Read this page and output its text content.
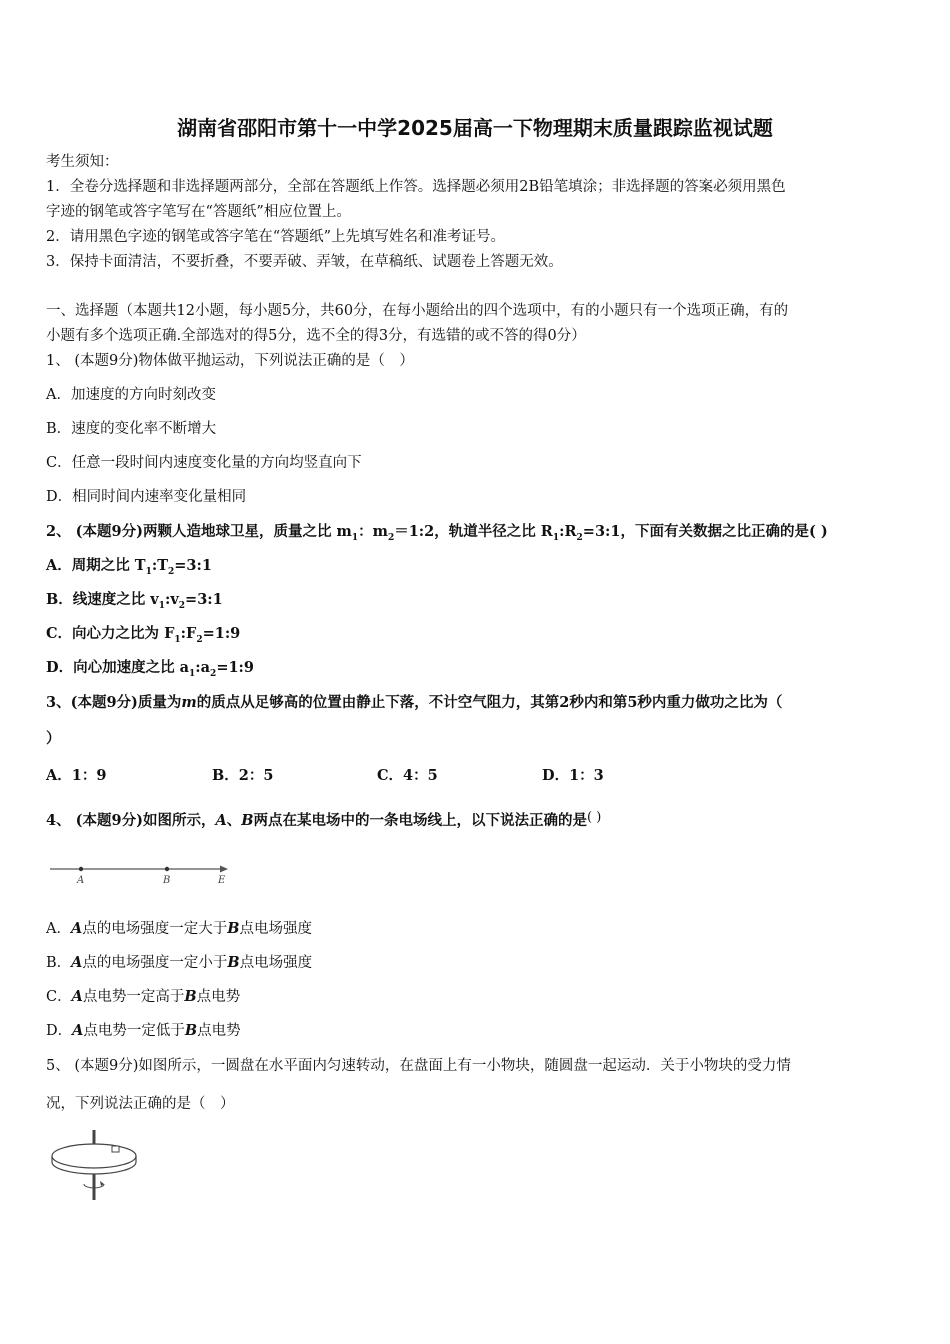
湖南省邵阳市第十一中学2025届高一下物理期末质量跟踪监视试题
考生须知：
1．全卷分选择题和非选择题两部分，全部在答题纸上作答。选择题必须用2B铅笔填涂；非选择题的答案必须用黑色
字迹的钢笔或答字笔写在“答题纸”相应位置上。
2．请用黑色字迹的钢笔或答字笔在“答题纸”上先填写姓名和准考证号。
3．保持卡面清洁，不要折叠，不要弄破、弄皱，在草稿纸、试题卷上答题无效。
一、选择题（本题共12小题，每小题5分，共60分，在每小题给出的四个选项中，有的小题只有一个选项正确，有的
小题有多个选项正确.全部选对的得5分，选不全的得3分，有选错的或不答的得0分）
1、 (本题9分)物体做平抛运动，下列说法正确的是（　）
A．加速度的方向时刻改变
B．速度的变化率不断增大
C．任意一段时间内速度变化量的方向均竖直向下
D．相同时间内速率变化量相同
2、 (本题9分)两颗人造地球卫星，质量之比 $m_1$：$m_2=1:2$，轨道半径之比 $R_1:R_2=3:1$，下面有关数据之比正确的是( )
A．周期之比 $T_1:T_2=3:1$
B．线速度之比 $v_1:v_2=3:1$
C．向心力之比为 $F_1:F_2=1:9$
D．向心加速度之比 $a_1:a_2=1:9$
3、(本题9分)质量为m的质点从足够高的位置由静止下落，不计空气阻力，其第2秒内和第5秒内重力做功之比为（
）
A．1：9	B．2：5	C．4：5	D．1：3
4、 (本题9分)如图所示，A、B两点在某电场中的一条电场线上，以下说法正确的是( )
A	B	E
A．A点的电场强度一定大于B点电场强度
B．A点的电场强度一定小于B点电场强度
C．A点电势一定高于B点电势
D．A点电势一定低于B点电势
5、 (本题9分)如图所示，一圆盘在水平面内匀速转动，在盘面上有一小物块，随圆盘一起运动．关于小物块的受力情
况，下列说法正确的是（　）
